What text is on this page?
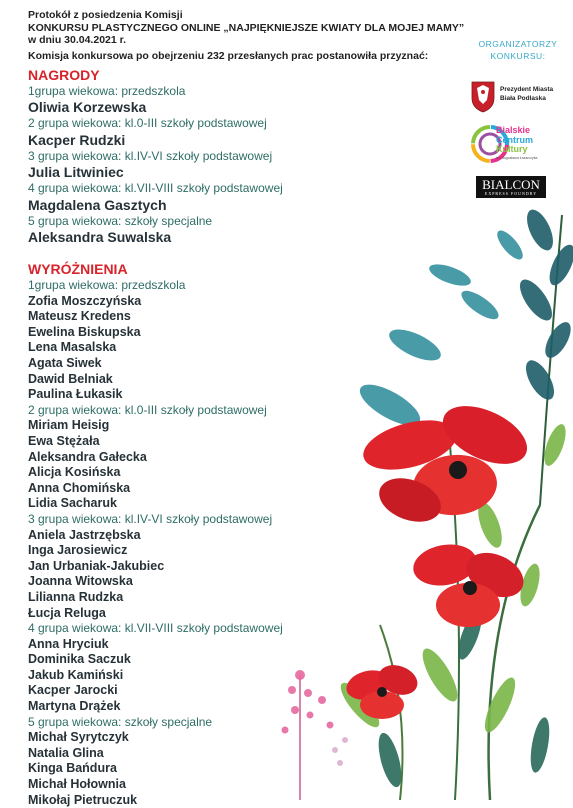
Protokół z posiedzenia Komisji
KONKURSU PLASTYCZNEGO ONLINE „NAJPIĘKNIEJSZE KWIATY DLA MOJEJ MAMY”
w dniu 30.04.2021 r.
Komisja konkursowa po obejrzeniu 232 przesłanych prac postanowiła przyznać:
ORGANIZATORZY
KONKURSU:
Prezydent Miasta
Biała Podlaska
Bialskie
Centrum
Kultury
im. Bogusława Łazarczyka
BIALCON
EXPRESS FOUNDRY
NAGRODY
1grupa wiekowa: przedszkola
Oliwia Korzewska
2 grupa wiekowa: kl.0-III szkoły podstawowej
Kacper Rudzki
3 grupa wiekowa: kl.IV-VI szkoły podstawowej
Julia Litwiniec
4 grupa wiekowa: kl.VII-VIII szkoły podstawowej
Magdalena Gasztych
5 grupa wiekowa: szkoły specjalne
Aleksandra Suwalska
WYRÓŻNIENIA
1grupa wiekowa: przedszkola
Zofia Moszczyńska
Mateusz Kredens
Ewelina Biskupska
Lena Masalska
Agata Siwek
Dawid Belniak
Paulina Łukasik
2 grupa wiekowa: kl.0-III szkoły podstawowej
Miriam Heisig
Ewa Stężała
Aleksandra Gałecka
Alicja Kosińska
Anna Chomińska
Lidia Sacharuk
3 grupa wiekowa: kl.IV-VI szkoły podstawowej
Aniela Jastrzębska
Inga Jarosiewicz
Jan Urbaniak-Jakubiec
Joanna Witowska
Lilianna Rudzka
Łucja Reluga
4 grupa wiekowa: kl.VII-VIII szkoły podstawowej
Anna Hryciuk
Dominika Saczuk
Jakub Kamiński
Kacper Jarocki
Martyna Drążek
5 grupa wiekowa: szkoły specjalne
Michał Syrytczyk
Natalia Glina
Kinga Bańdura
Michał Hołownia
Mikołaj Pietruczuk
